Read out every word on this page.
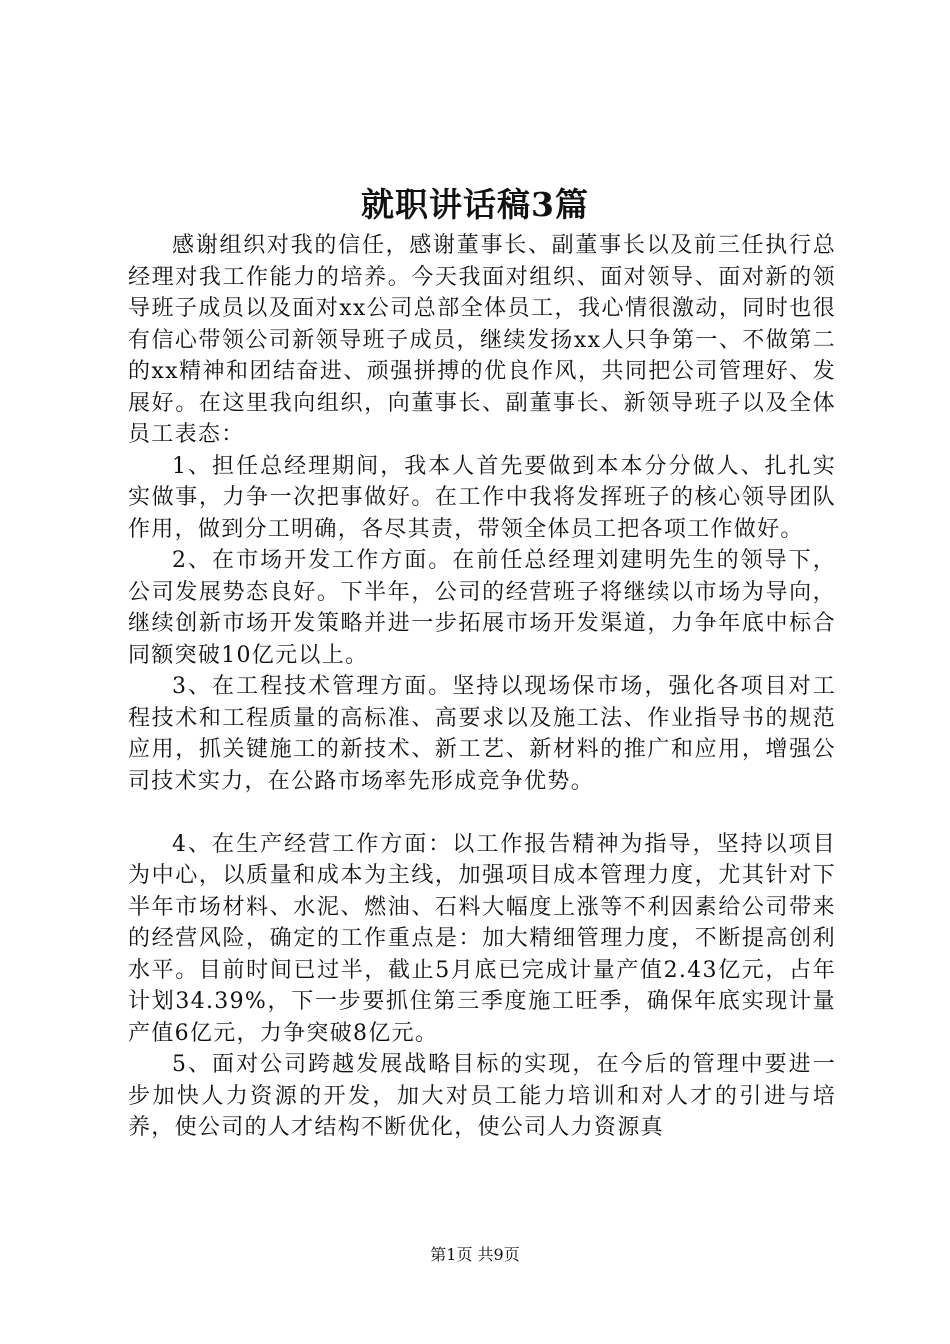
就职讲话稿3篇

感谢组织对我的信任，感谢董事长、副董事长以及前三任执行总经理对我工作能力的培养。今天我面对组织、面对领导、面对新的领导班子成员以及面对xx公司总部全体员工，我心情很激动，同时也很有信心带领公司新领导班子成员，继续发扬xx人只争第一、不做第二的xx精神和团结奋进、顽强拼搏的优良作风，共同把公司管理好、发展好。在这里我向组织，向董事长、副董事长、新领导班子以及全体员工表态：

1、担任总经理期间，我本人首先要做到本本分分做人、扎扎实实做事，力争一次把事做好。在工作中我将发挥班子的核心领导团队作用，做到分工明确，各尽其责，带领全体员工把各项工作做好。

2、在市场开发工作方面。在前任总经理刘建明先生的领导下，公司发展势态良好。下半年，公司的经营班子将继续以市场为导向，继续创新市场开发策略并进一步拓展市场开发渠道，力争年底中标合同额突破10亿元以上。

3、在工程技术管理方面。坚持以现场保市场，强化各项目对工程技术和工程质量的高标准、高要求以及施工法、作业指导书的规范应用，抓关键施工的新技术、新工艺、新材料的推广和应用，增强公司技术实力，在公路市场率先形成竞争优势。

4、在生产经营工作方面：以工作报告精神为指导，坚持以项目为中心，以质量和成本为主线，加强项目成本管理力度，尤其针对下半年市场材料、水泥、燃油、石料大幅度上涨等不利因素给公司带来的经营风险，确定的工作重点是：加大精细管理力度，不断提高创利水平。目前时间已过半，截止5月底已完成计量产值2.43亿元，占年计划34.39%，下一步要抓住第三季度施工旺季，确保年底实现计量产值6亿元，力争突破8亿元。

5、面对公司跨越发展战略目标的实现，在今后的管理中要进一步加快人力资源的开发，加大对员工能力培训和对人才的引进与培养，使公司的人才结构不断优化，使公司人力资源真

第1页 共9页
